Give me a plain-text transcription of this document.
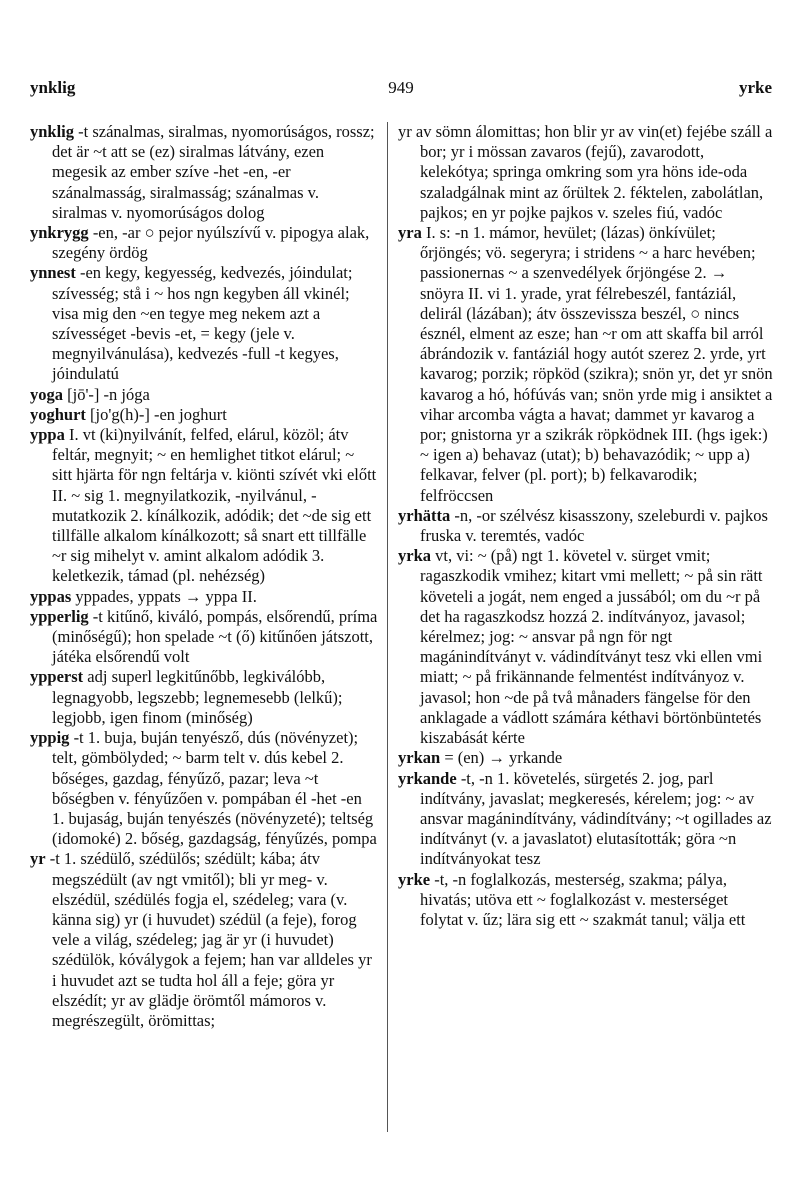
ynklig	949	yrke

ynklig -t szánalmas, siralmas, nyomorúságos, rossz; det är ~t att se (ez) siralmas látvány, ezen megesik az ember szíve -het -en, -er szánalmasság, siralmasság; szánalmas v. siralmas v. nyomorúságos dolog

ynkrygg -en, -ar ○ pejor nyúlszívű v. pipogya alak, szegény ördög

ynnest -en kegy, kegyesség, kedvezés, jóindulat; szívesség; stå i ~ hos ngn kegyben áll vkinél; visa mig den ~en tegye meg nekem azt a szívességet -bevis -et, = kegy (jele v. megnyilvánulása), kedvezés -full -t kegyes, jóindulatú

yoga [jō'-] -n jóga

yoghurt [jo'g(h)-] -en joghurt

yppa I. vt (ki)nyilvánít, felfed, elárul, közöl; átv feltár, megnyit; ~ en hemlighet titkot elárul; ~ sitt hjärta för ngn feltárja v. kiönti szívét vki előtt II. ~ sig 1. megnyilatkozik, -nyilvánul, -mutatkozik 2. kínálkozik, adódik; det ~de sig ett tillfälle alkalom kínálkozott; så snart ett tillfälle ~r sig mihelyt v. amint alkalom adódik 3. keletkezik, támad (pl. nehézség)

yppas yppades, yppats → yppa II.

ypperlig -t kitűnő, kiváló, pompás, elsőrendű, príma (minőségű); hon spelade ~t (ő) kitűnően játszott, játéka elsőrendű volt

ypperst adj superl legkitűnőbb, legkiválóbb, legnagyobb, legszebb; legnemesebb (lelkű); legjobb, igen finom (minőség)

yppig -t 1. buja, buján tenyésző, dús (növényzet); telt, gömbölyded; ~ barm telt v. dús kebel 2. bőséges, gazdag, fényűző, pazar; leva ~t bőségben v. fényűzően v. pompában él -het -en 1. bujaság, buján tenyészés (növényzeté); teltség (idomoké) 2. bőség, gazdagság, fényűzés, pompa

yr -t 1. szédülő, szédülős; szédült; kába; átv megszédült (av ngt vmitől); bli yr meg- v. elszédül, szédülés fogja el, szédeleg; vara (v. känna sig) yr (i huvudet) szédül (a feje), forog vele a világ, szédeleg; jag är yr (i huvudet) szédülök, kóválygok a fejem; han var alldeles yr i huvudet azt se tudta hol áll a feje; göra yr elszédít; yr av glädje örömtől mámoros v. megrészegült, örömittas;

yr av sömn álomittas; hon blir yr av vin(et) fejébe száll a bor; yr i mössan zavaros (fejű), zavarodott, kelekótya; springa omkring som yra höns ide-oda szaladgálnak mint az őrültek 2. féktelen, zabolátlan, pajkos; en yr pojke pajkos v. szeles fiú, vadóc

yra I. s: -n 1. mámor, hevület; (lázas) önkívület; őrjöngés; vö. segeryra; i stridens ~ a harc hevében; passionernas ~ a szenvedélyek őrjöngése 2. → snöyra II. vi 1. yrade, yrat félrebeszél, fantáziál, delirál (lázában); átv összevissza beszél, ○ nincs észnél, elment az esze; han ~r om att skaffa bil arról ábrándozik v. fantáziál hogy autót szerez 2. yrde, yrt kavarog; porzik; röpköd (szikra); snön yr, det yr snön kavarog a hó, hófúvás van; snön yrde mig i ansiktet a vihar arcomba vágta a havat; dammet yr kavarog a por; gnistorna yr a szikrák röpködnek III. (hgs igek:) ~ igen a) behavaz (utat); b) behavazódik; ~ upp a) felkavar, felver (pl. port); b) felkavarodik; felfröccsen

yrhätta -n, -or szélvész kisasszony, szeleburdi v. pajkos fruska v. teremtés, vadóc

yrka vt, vi: ~ (på) ngt 1. követel v. sürget vmit; ragaszkodik vmihez; kitart vmi mellett; ~ på sin rätt követeli a jogát, nem enged a jussából; om du ~r på det ha ragaszkodsz hozzá 2. indítványoz, javasol; kérelmez; jog: ~ ansvar på ngn för ngt magánindítványt v. vádindítványt tesz vki ellen vmi miatt; ~ på frikännande felmentést indítványoz v. javasol; hon ~de på två månaders fängelse för den anklagade a vádlott számára kéthavi börtönbüntetés kiszabását kérte

yrkan = (en) → yrkande

yrkande -t, -n 1. követelés, sürgetés 2. jog, parl indítvány, javaslat; megkeresés, kérelem; jog: ~ av ansvar magánindítvány, vádindítvány; ~t ogillades az indítványt (v. a javaslatot) elutasították; göra ~n indítványokat tesz

yrke -t, -n foglalkozás, mesterség, szakma; pálya, hivatás; utöva ett ~ foglalkozást v. mesterséget folytat v. űz; lära sig ett ~ szakmát tanul; välja ett
